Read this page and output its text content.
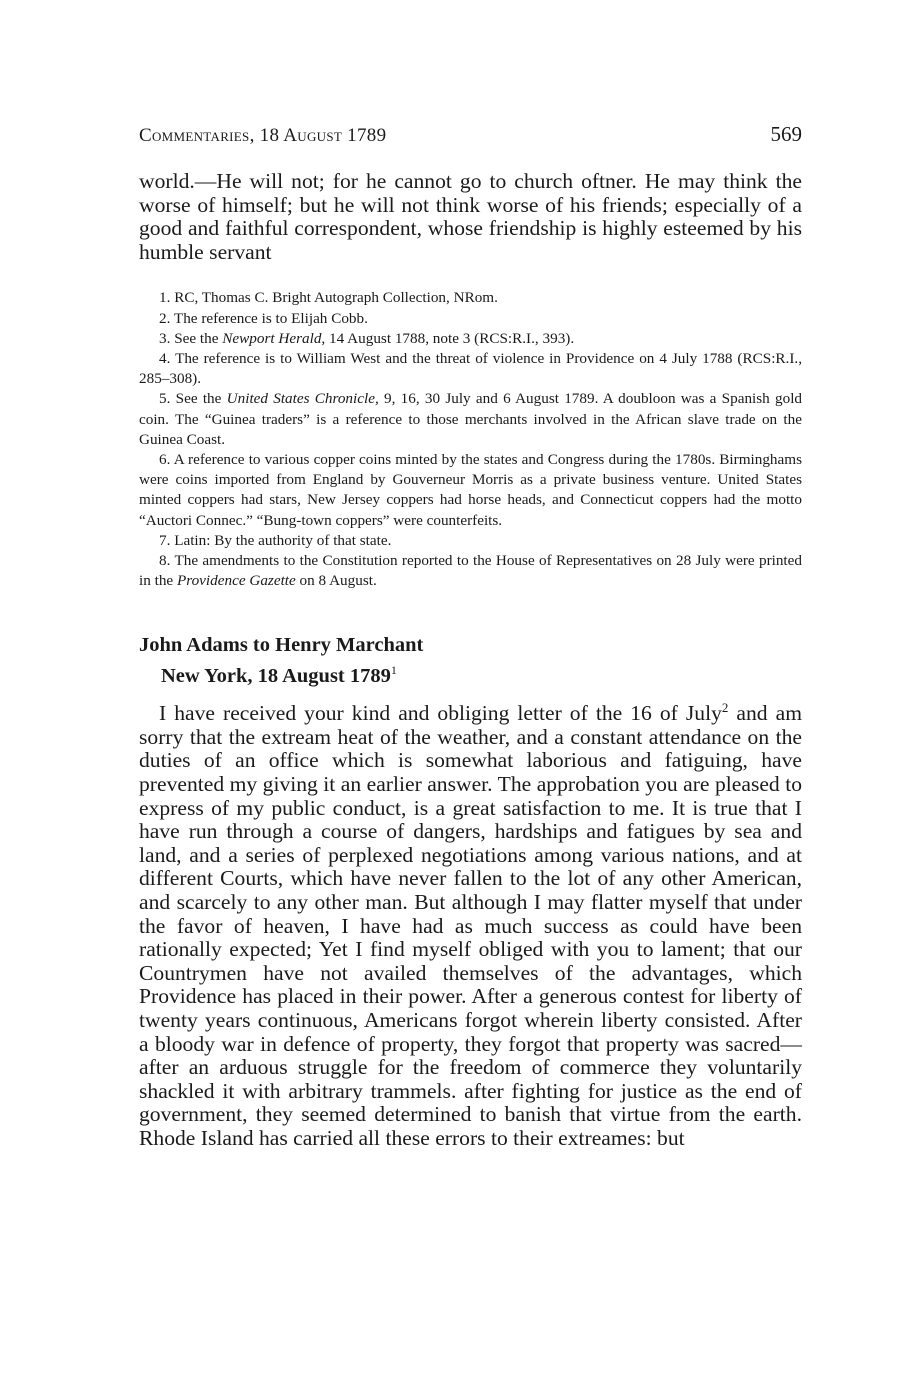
Commentaries, 18 August 1789	569

world.—He will not; for he cannot go to church oftner. He may think the worse of himself; but he will not think worse of his friends; especially of a good and faithful correspondent, whose friendship is highly esteemed by his humble servant

1. RC, Thomas C. Bright Autograph Collection, NRom.

2. The reference is to Elijah Cobb.

3. See the Newport Herald, 14 August 1788, note 3 (RCS:R.I., 393).

4. The reference is to William West and the threat of violence in Providence on 4 July 1788 (RCS:R.I., 285–308).

5. See the United States Chronicle, 9, 16, 30 July and 6 August 1789. A doubloon was a Spanish gold coin. The “Guinea traders” is a reference to those merchants involved in the African slave trade on the Guinea Coast.

6. A reference to various copper coins minted by the states and Congress during the 1780s. Birminghams were coins imported from England by Gouverneur Morris as a private business venture. United States minted coppers had stars, New Jersey coppers had horse heads, and Connecticut coppers had the motto “Auctori Connec.” “Bung-town coppers” were counterfeits.

7. Latin: By the authority of that state.

8. The amendments to the Constitution reported to the House of Representatives on 28 July were printed in the Providence Gazette on 8 August.

John Adams to Henry Marchant
New York, 18 August 1789$^1$

I have received your kind and obliging letter of the 16 of July$^2$ and am sorry that the extream heat of the weather, and a constant attendance on the duties of an office which is somewhat laborious and fatiguing, have prevented my giving it an earlier answer. The approbation you are pleased to express of my public conduct, is a great satisfaction to me. It is true that I have run through a course of dangers, hardships and fatigues by sea and land, and a series of perplexed negotiations among various nations, and at different Courts, which have never fallen to the lot of any other American, and scarcely to any other man. But although I may flatter myself that under the favor of heaven, I have had as much success as could have been rationally expected; Yet I find myself obliged with you to lament; that our Countrymen have not availed themselves of the advantages, which Providence has placed in their power. After a generous contest for liberty of twenty years continuous, Americans forgot wherein liberty consisted. After a bloody war in defence of property, they forgot that property was sacred—after an arduous struggle for the freedom of commerce they voluntarily shackled it with arbitrary trammels. after fighting for justice as the end of government, they seemed determined to banish that virtue from the earth. Rhode Island has carried all these errors to their extreames: but
